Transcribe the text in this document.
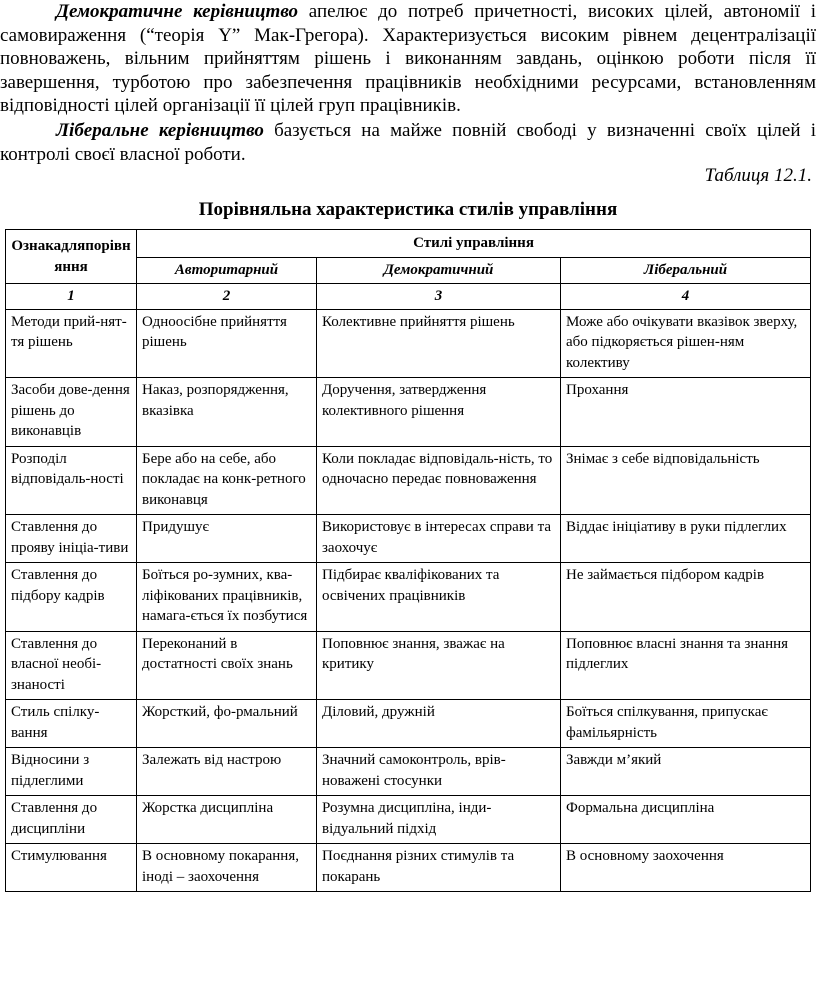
Демократичне керівництво апелює до потреб причетності, високих цілей, автономії і самовираження (“теорія Y” Мак-Грегора). Характеризується високим рівнем децентралізації повноважень, вільним прийняттям рішень і виконанням завдань, оцінкою роботи після її завершення, турботою про забезпечення працівників необхідними ресурсами, встановленням відповідності цілей організації її цілей груп працівників.

Ліберальне керівництво базується на майже повній свободі у визначенні своїх цілей і контролі своєї власної роботи.

Таблиця 12.1.
Порівняльна характеристика стилів управління
Ознакадляпорівняння	Стилі управління		
	Авторитарний	Демократичний	Ліберальний
1	2	3	4
Методи прий-няття рішень	Одноосібне прийняття рішень	Колективне прийняття рішень	Може або очікувати вказівок зверху, або підкоряється рішен-ням колективу
Засоби дове-дення рішень до виконавців	Наказ, розпорядження, вказівка	Доручення, затвердження колективного рішення	Прохання
Розподіл відповідаль-ності	Бере або на себе, або покладає на конк-ретного виконавця	Коли покладає відповідаль-ність, то одночасно передає повноваження	Знімає з себе відповідальність
Ставлення до прояву ініціа-тиви	Придушує	Використовує в інтересах справи та заохочує	Віддає ініціативу в руки підлеглих
Ставлення до підбору кадрів	Боїться ро-зумних, ква-ліфікованих працівників, намага-ється їх позбутися	Підбирає кваліфікованих та освічених працівників	Не займається підбором кадрів
Ставлення до власної необі-знаності	Переконаний в достатності своїх знань	Поповнює знання, зважає на критику	Поповнює власні знання та знання підлеглих
Стиль спілку-вання	Жорсткий, фо-рмальний	Діловий, дружній	Боїться спілкування, припускає фамільярність
Відносини з підлеглими	Залежать від настрою	Значний самоконтроль, врів-новажені стосунки	Завжди м’який
Ставлення до дисципліни	Жорстка дисципліна	Розумна дисципліна, інди-відуальний підхід	Формальна дисципліна
Стимулювання	В основному покарання, іноді – заохочення	Поєднання різних стимулів та покарань	В основному заохочення
